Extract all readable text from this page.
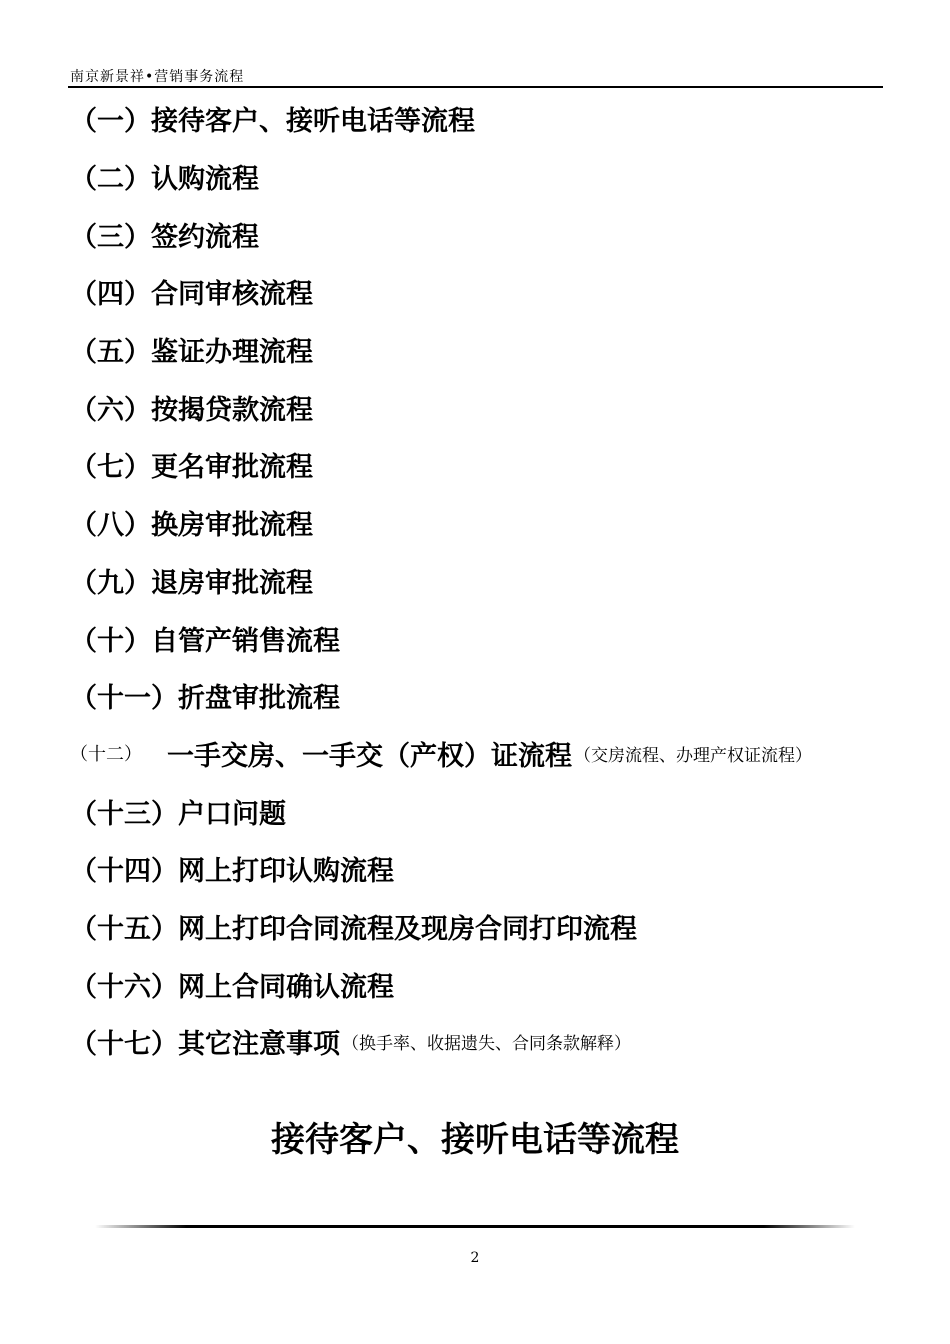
南京新景祥•营销事务流程
（一） 接待客户、接听电话等流程
（二） 认购流程
（三） 签约流程
（四） 合同审核流程
（五） 鉴证办理流程
（六） 按揭贷款流程
（七） 更名审批流程
（八） 换房审批流程
（九） 退房审批流程
（十） 自管产销售流程
（十一） 折盘审批流程
（十二） 一手交房、一手交（产权）证流程 （交房流程、办理产权证流程）
（十三） 户口问题
（十四） 网上打印认购流程
（十五） 网上打印合同流程及现房合同打印流程
（十六） 网上合同确认流程
（十七） 其它注意事项 （换手率、收据遗失、合同条款解释）
接待客户、接听电话等流程
2
